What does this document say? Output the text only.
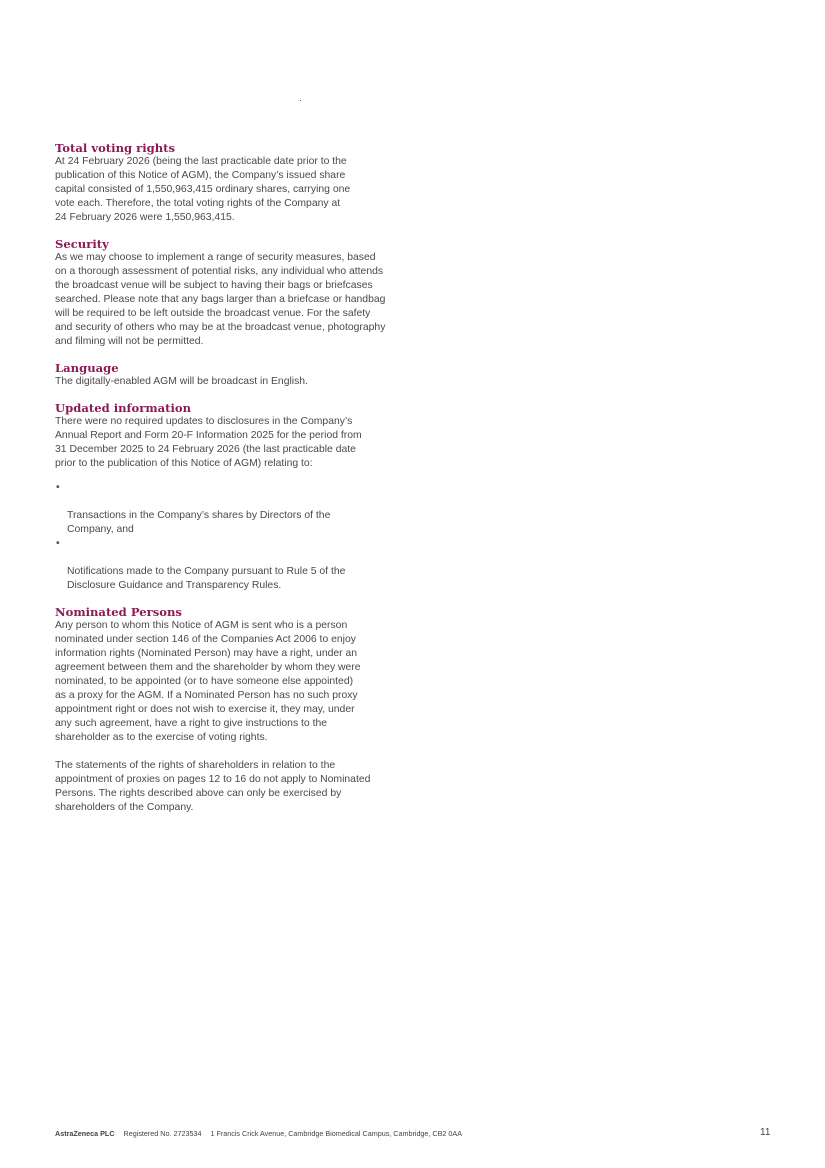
Total voting rights

At 24 February 2026 (being the last practicable date prior to the
publication of this Notice of AGM), the Company’s issued share
capital consisted of 1,550,963,415 ordinary shares, carrying one
vote each. Therefore, the total voting rights of the Company at
24 February 2026 were 1,550,963,415.

Security

As we may choose to implement a range of security measures, based
on a thorough assessment of potential risks, any individual who attends
the broadcast venue will be subject to having their bags or briefcases
searched. Please note that any bags larger than a briefcase or handbag
will be required to be left outside the broadcast venue. For the safety
and security of others who may be at the broadcast venue, photography
and filming will not be permitted.

Language

The digitally-enabled AGM will be broadcast in English.

Updated information

There were no required updates to disclosures in the Company’s
Annual Report and Form 20-F Information 2025 for the period from
31 December 2025 to 24 February 2026 (the last practicable date
prior to the publication of this Notice of AGM) relating to:

•

Transactions in the Company’s shares by Directors of the
Company, and

•

Notifications made to the Company pursuant to Rule 5 of the
Disclosure Guidance and Transparency Rules.

Nominated Persons

Any person to whom this Notice of AGM is sent who is a person
nominated under section 146 of the Companies Act 2006 to enjoy
information rights (Nominated Person) may have a right, under an
agreement between them and the shareholder by whom they were
nominated, to be appointed (or to have someone else appointed)
as a proxy for the AGM. If a Nominated Person has no such proxy
appointment right or does not wish to exercise it, they may, under
any such agreement, have a right to give instructions to the
shareholder as to the exercise of voting rights.

The statements of the rights of shareholders in relation to the
appointment of proxies on pages 12 to 16 do not apply to Nominated
Persons. The rights described above can only be exercised by
shareholders of the Company.

AstraZeneca PLC Registered No. 2723534 1 Francis Crick Avenue, Cambridge Biomedical Campus, Cambridge, CB2 0AA	11
